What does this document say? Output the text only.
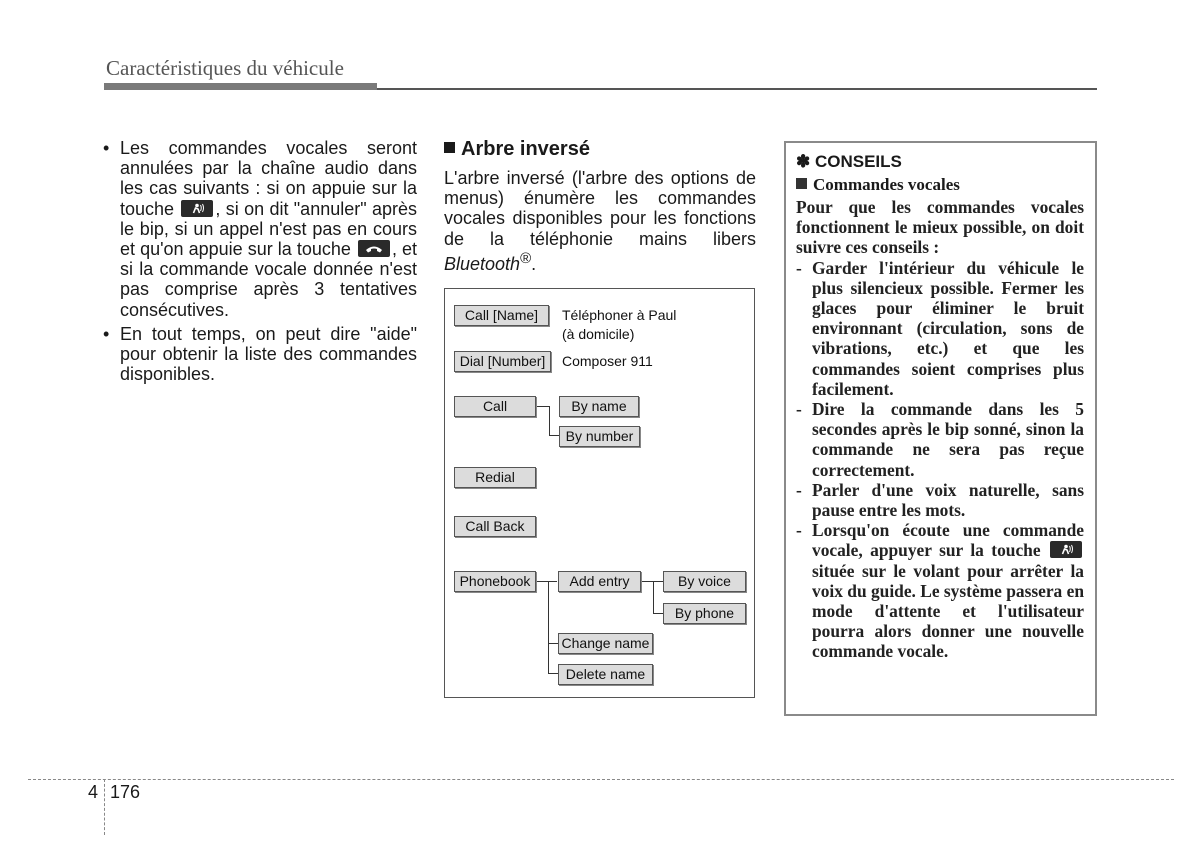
Caractéristiques du véhicule
• Les commandes vocales seront annulées par la chaîne audio dans les cas suivants : si on appuie sur la touche , si on dit "annuler" après le bip, si un appel n'est pas en cours et qu'on appuie sur la touche , et si la commande vocale donnée n'est pas comprise après 3 tentatives consécutives.
• En tout temps, on peut dire "aide" pour obtenir la liste des commandes disponibles.
Arbre inversé
L'arbre inversé (l'arbre des options de menus) énumère les commandes vocales disponibles pour les fonctions de la téléphonie mains libers Bluetooth®.
Call [Name]	Téléphoner à Paul
(à domicile)
Dial [Number]	Composer 911
Call	By name
By number
Redial
Call Back
Phonebook	Add entry	By voice
By phone
Change name
Delete name
✽ CONSEILS
Commandes vocales
Pour que les commandes vocales fonctionnent le mieux possible, on doit suivre ces conseils :
- Garder l'intérieur du véhicule le plus silencieux possible. Fermer les glaces pour éliminer le bruit environnant (circulation, sons de vibrations, etc.) et que les commandes soient comprises plus facilement.
- Dire la commande dans les 5 secondes après le bip sonné, sinon la commande ne sera pas reçue correctement.
- Parler d'une voix naturelle, sans pause entre les mots.
- Lorsqu'on écoute une commande vocale, appuyer sur la touche
située sur le volant pour arrêter la voix du guide. Le système passera en mode d'attente et l'utilisateur pourra alors donner une nouvelle commande vocale.
4 176
